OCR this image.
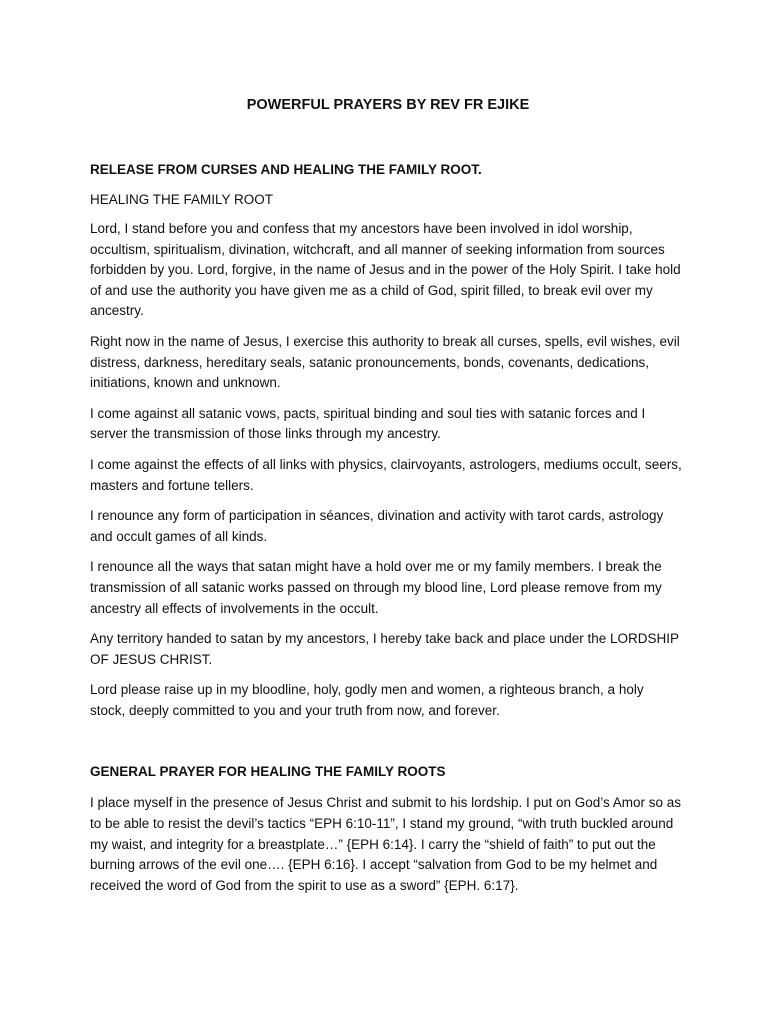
POWERFUL PRAYERS BY REV FR EJIKE
RELEASE FROM CURSES AND HEALING THE FAMILY ROOT.
HEALING THE FAMILY ROOT

Lord, I stand before you and confess that my ancestors have been involved in idol worship, occultism, spiritualism, divination, witchcraft, and all manner of seeking information from sources forbidden by you. Lord, forgive, in the name of Jesus and in the power of the Holy Spirit. I take hold of and use the authority you have given me as a child of God, spirit filled, to break evil over my ancestry.

Right now in the name of Jesus, I exercise this authority to break all curses, spells, evil wishes, evil distress, darkness, hereditary seals, satanic pronouncements, bonds, covenants, dedications, initiations, known and unknown.

I come against all satanic vows, pacts, spiritual binding and soul ties with satanic forces and I server the transmission of those links through my ancestry.

I come against the effects of all links with physics, clairvoyants, astrologers, mediums occult, seers, masters and fortune tellers.

I renounce any form of participation in séances, divination and activity with tarot cards, astrology and occult games of all kinds.

I renounce all the ways that satan might have a hold over me or my family members. I break the transmission of all satanic works passed on through my blood line, Lord please remove from my ancestry all effects of involvements in the occult.

Any territory handed to satan by my ancestors, I hereby take back and place under the LORDSHIP OF JESUS CHRIST.

Lord please raise up in my bloodline, holy, godly men and women, a righteous branch, a holy stock, deeply committed to you and your truth from now, and forever.

GENERAL PRAYER FOR HEALING THE FAMILY ROOTS

I place myself in the presence of Jesus Christ and submit to his lordship. I put on God’s Amor so as to be able to resist the devil’s tactics “EPH 6:10-11”, I stand my ground, “with truth buckled around my waist, and integrity for a breastplate…” {EPH 6:14}. I carry the “shield of faith” to put out the burning arrows of the evil one…. {EPH 6:16}. I accept “salvation from God to be my helmet and received the word of God from the spirit to use as a sword” {EPH. 6:17}.
